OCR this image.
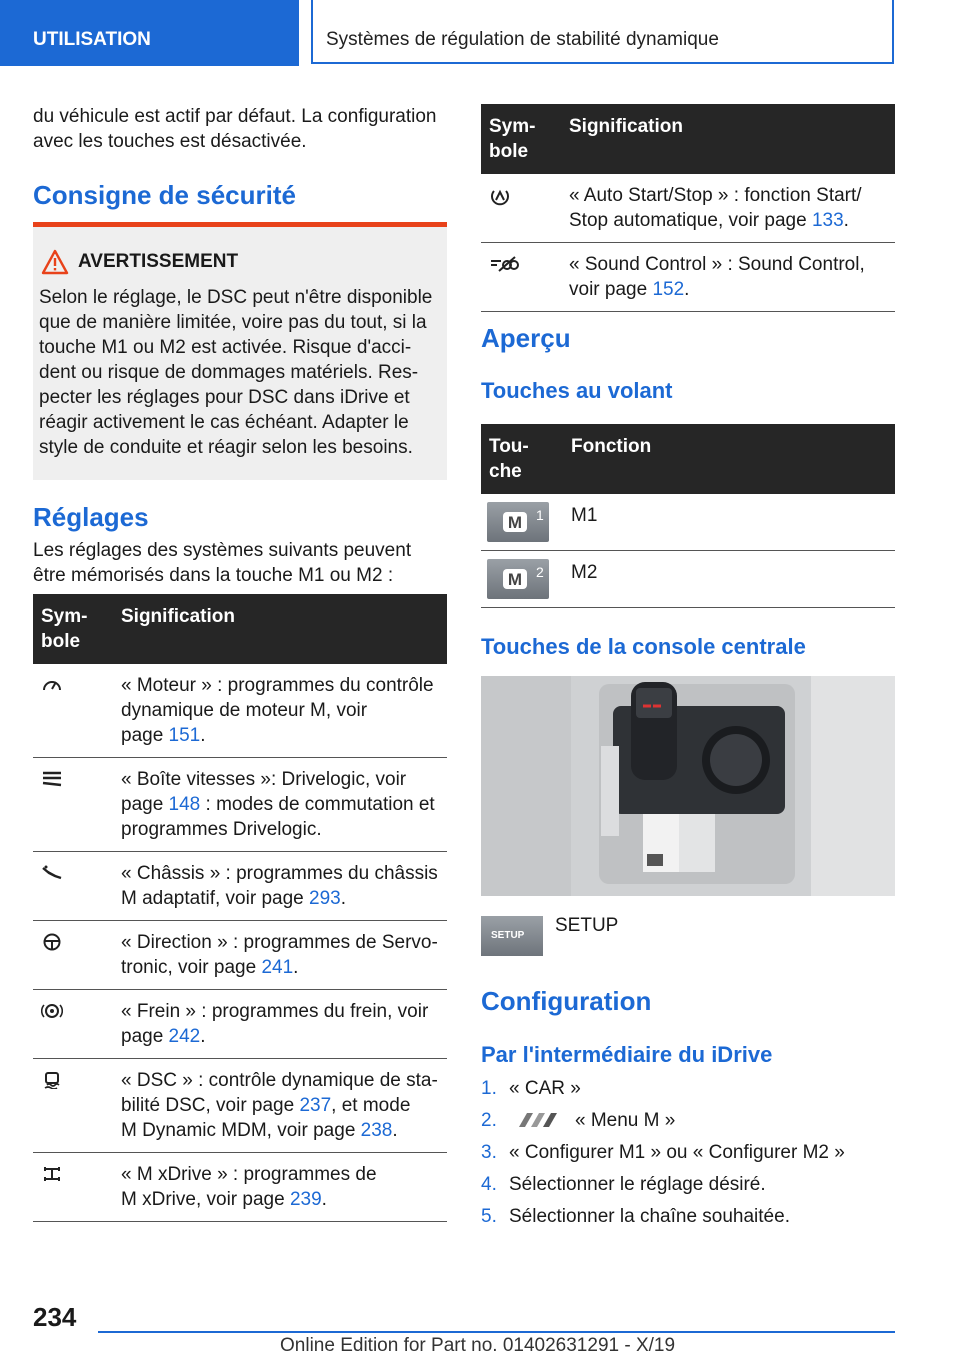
UTILISATION	Systèmes de régulation de stabilité dynamique
du véhicule est actif par défaut. La configuration
avec les touches est désactivée.
Consigne de sécurité
AVERTISSEMENT
Selon le réglage, le DSC peut n'être disponible
que de manière limitée, voire pas du tout, si la
touche M1 ou M2 est activée. Risque d'acci-
dent ou risque de dommages matériels. Res-
pecter les réglages pour DSC dans iDrive et
réagir activement le cas échéant. Adapter le
style de conduite et réagir selon les besoins.
Réglages
Les réglages des systèmes suivants peuvent
être mémorisés dans la touche M1 ou M2 :
Sym-
bole	Signification

« Moteur » : programmes du contrôle
dynamique de moteur M, voir
page 151.

« Boîte vitesses »: Drivelogic, voir
page 148 : modes de commutation et
programmes Drivelogic.

« Châssis » : programmes du châssis
M adaptatif, voir page 293.

« Direction » : programmes de Servo-
tronic, voir page 241.

« Frein » : programmes du frein, voir
page 242.

« DSC » : contrôle dynamique de sta-
bilité DSC, voir page 237, et mode
M Dynamic MDM, voir page 238.

« M xDrive » : programmes de
M xDrive, voir page 239.
Sym-
bole	Signification

« Auto Start/Stop » : fonction Start/
Stop automatique, voir page 133.

« Sound Control » : Sound Control,
voir page 152.
Aperçu
Touches au volant
Tou-
che	Fonction

M 1	M1

M 2	M2
Touches de la console centrale
SETUP SETUP
Configuration
Par l'intermédiaire du iDrive
1. « CAR »
2.	« Menu M »
3. « Configurer M1 » ou « Configurer M2 »
4. Sélectionner le réglage désiré.
5. Sélectionner la chaîne souhaitée.
234
Online Edition for Part no. 01402631291 - X/19
